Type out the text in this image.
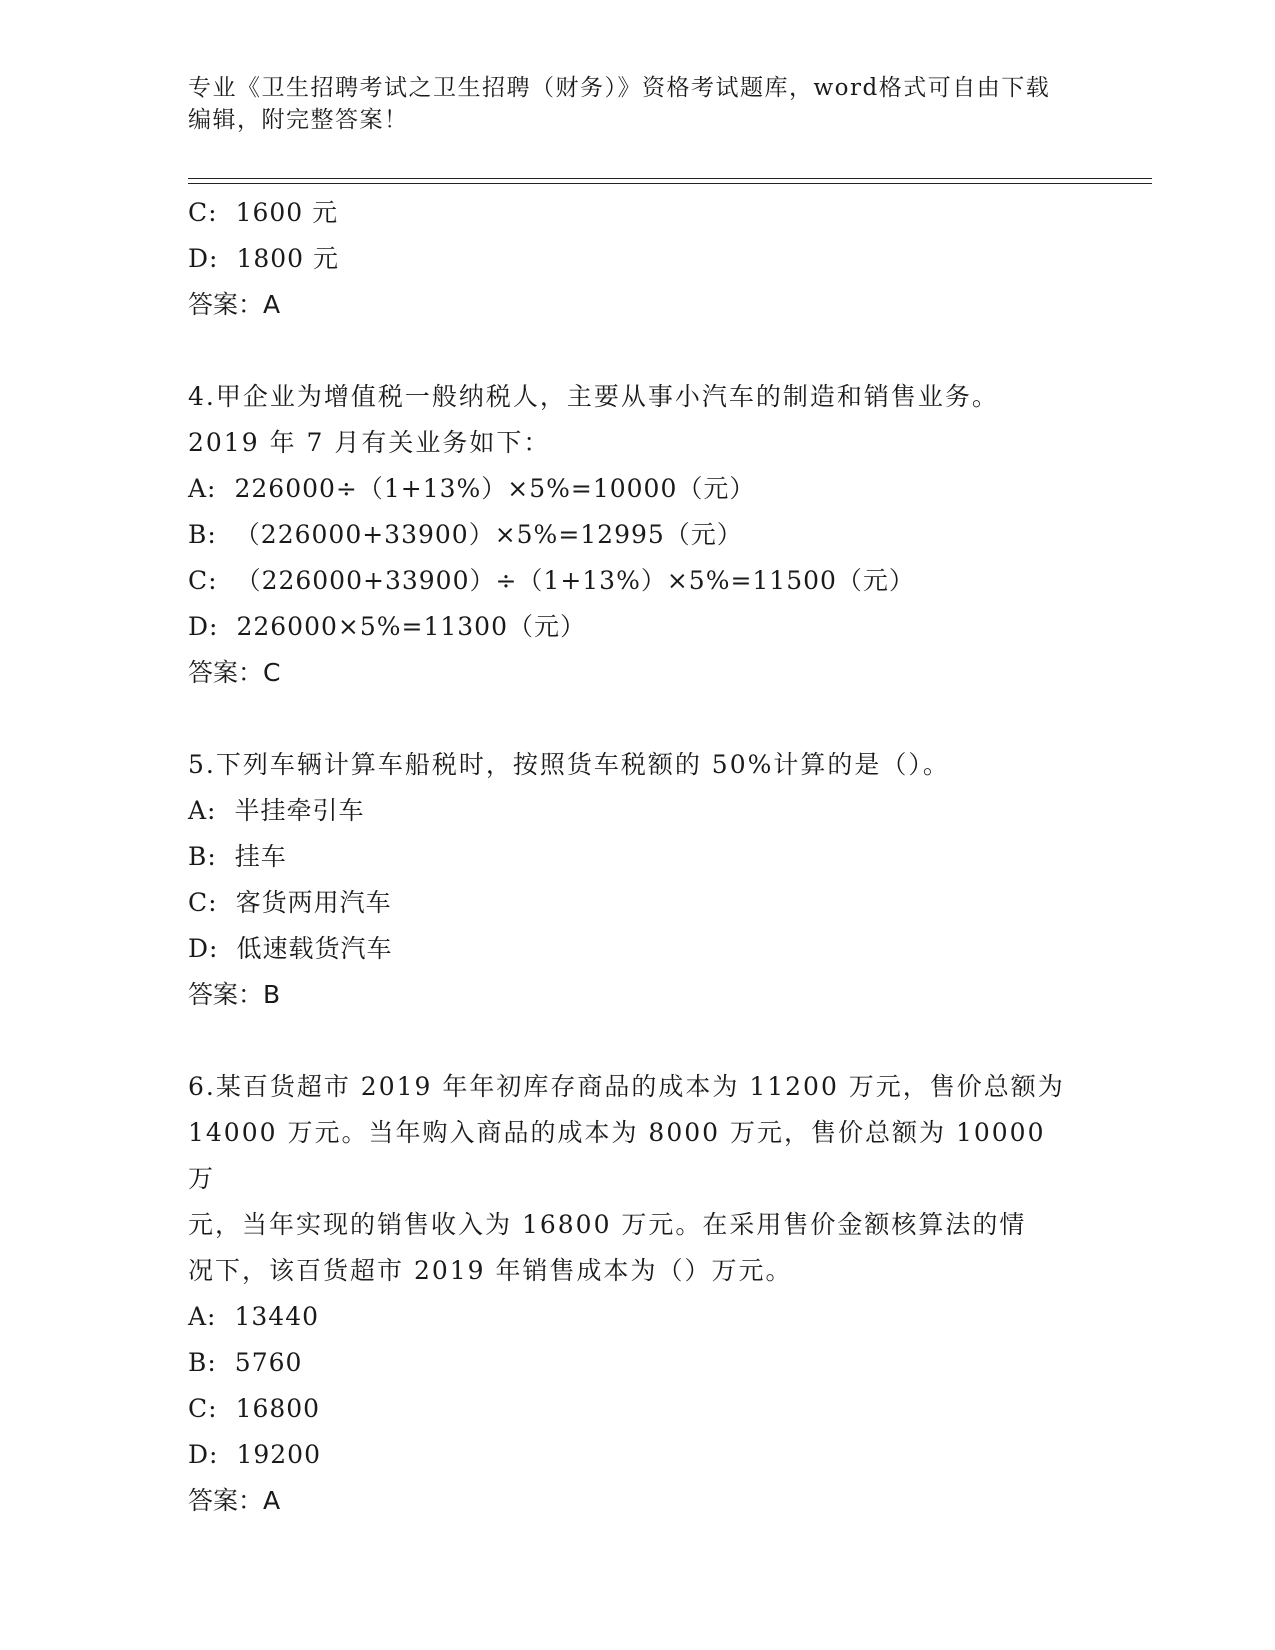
专业《卫生招聘考试之卫生招聘（财务）》资格考试题库，word格式可自由下载
编辑，附完整答案！
C: 1600 元
D: 1800 元
答案：A
4.甲企业为增值税一般纳税人，主要从事小汽车的制造和销售业务。
2019 年 7 月有关业务如下：
A: 226000÷（1+13%）×5%=10000（元）
B: （226000+33900）×5%=12995（元）
C: （226000+33900）÷（1+13%）×5%=11500（元）
D: 226000×5%=11300（元）
答案：C
5.下列车辆计算车船税时，按照货车税额的 50%计算的是（）。
A: 半挂牵引车
B: 挂车
C: 客货两用汽车
D: 低速载货汽车
答案：B
6.某百货超市 2019 年年初库存商品的成本为 11200 万元，售价总额为
14000 万元。当年购入商品的成本为 8000 万元，售价总额为 10000 万
元，当年实现的销售收入为 16800 万元。在采用售价金额核算法的情
况下，该百货超市 2019 年销售成本为（）万元。
A: 13440
B: 5760
C: 16800
D: 19200
答案：A
